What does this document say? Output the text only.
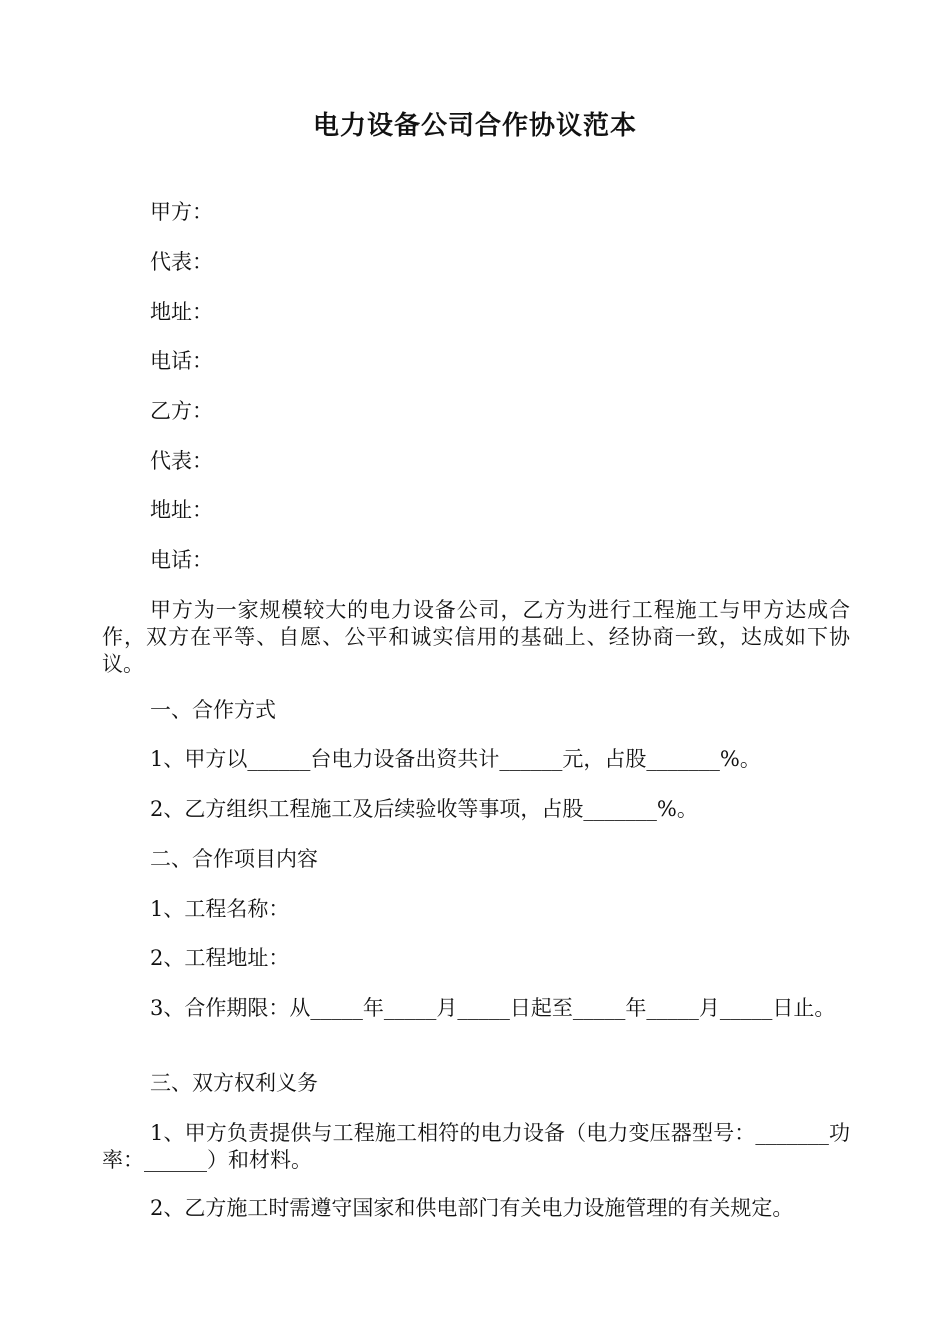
电力设备公司合作协议范本
甲方：
代表：
地址：
电话：
乙方：
代表：
地址：
电话：
甲方为一家规模较大的电力设备公司，乙方为进行工程施工与甲方达成合作，双方在平等、自愿、公平和诚实信用的基础上、经协商一致，达成如下协议。
一、合作方式
1、甲方以______台电力设备出资共计______元，占股_______%。
2、乙方组织工程施工及后续验收等事项，占股_______%。
二、合作项目内容
1、工程名称：
2、工程地址：
3、合作期限：从_____年_____月_____日起至_____年_____月_____日止。
三、双方权利义务
1、甲方负责提供与工程施工相符的电力设备（电力变压器型号：_______功率：______）和材料。
2、乙方施工时需遵守国家和供电部门有关电力设施管理的有关规定。
